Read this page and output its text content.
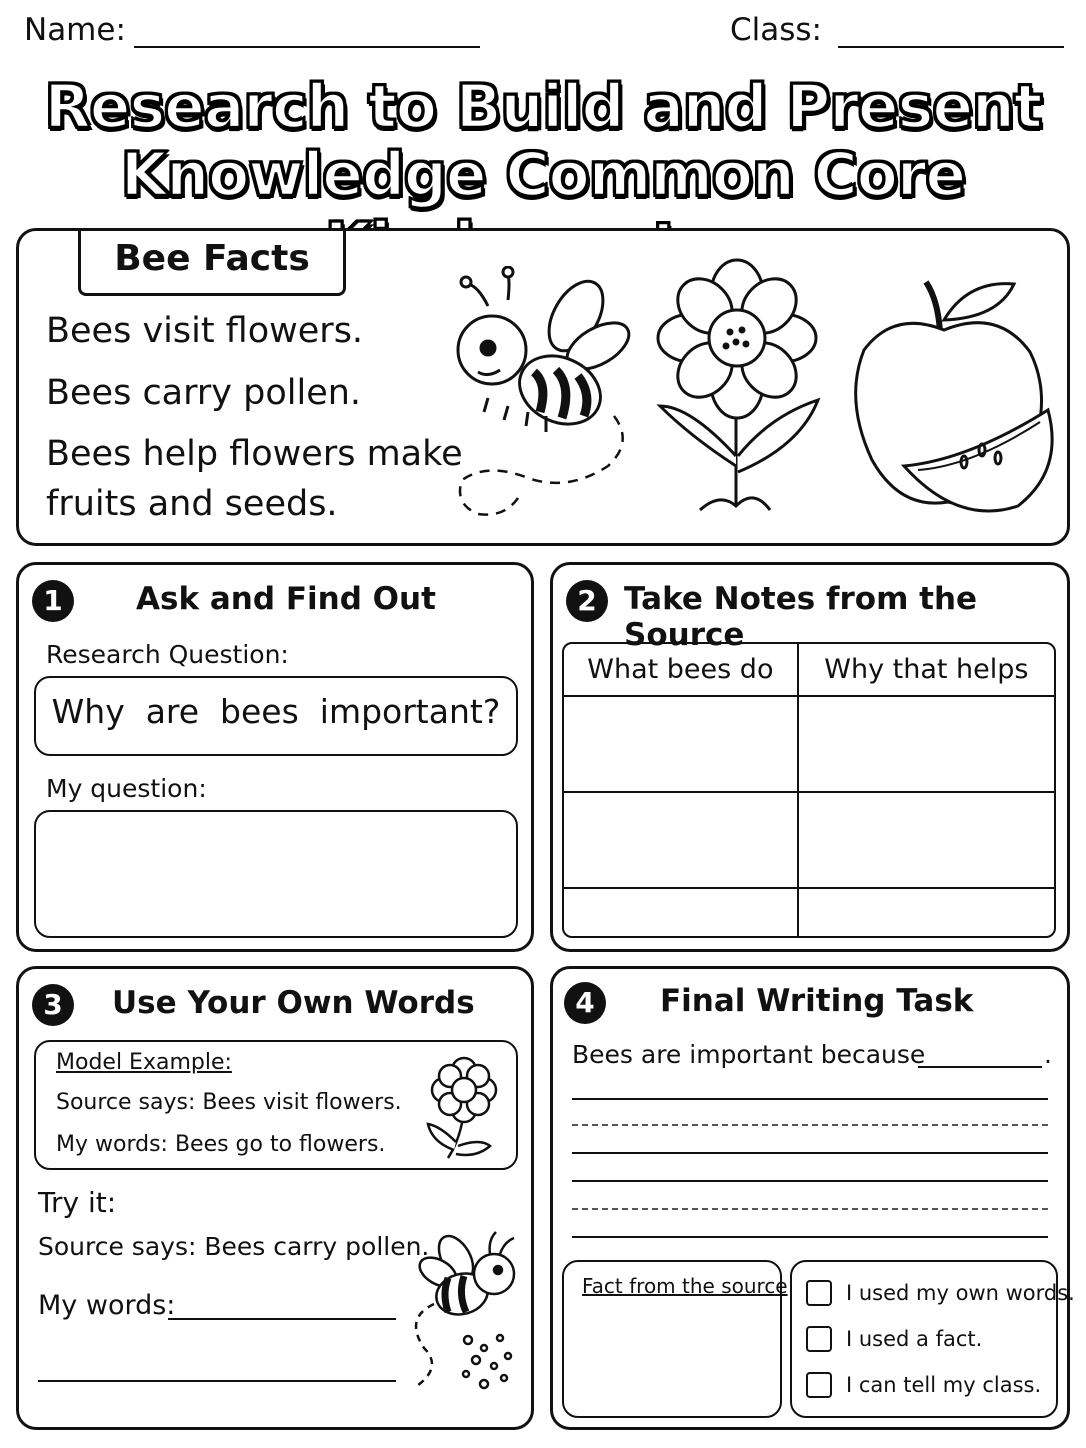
Name:	Class:
Research to Build and Present
Knowledge Common Core
Bee Facts
Bees visit flowers.
Bees carry pollen.
Bees help flowers make
fruits and seeds.
1	Ask and Find Out
Research Question:
Why  are  bees  important?
My question:
2 Take Notes from the Source
What bees do	Why that helps

3	Use Your Own Words
Model Example:
Source says: Bees visit flowers.
My words: Bees go to flowers.
Try it:
Source says: Bees carry pollen.
My words:
4	Final Writing Task
Bees are important because	.
Fact from the source	I used my own words.
I used a fact.
I can tell my class.
